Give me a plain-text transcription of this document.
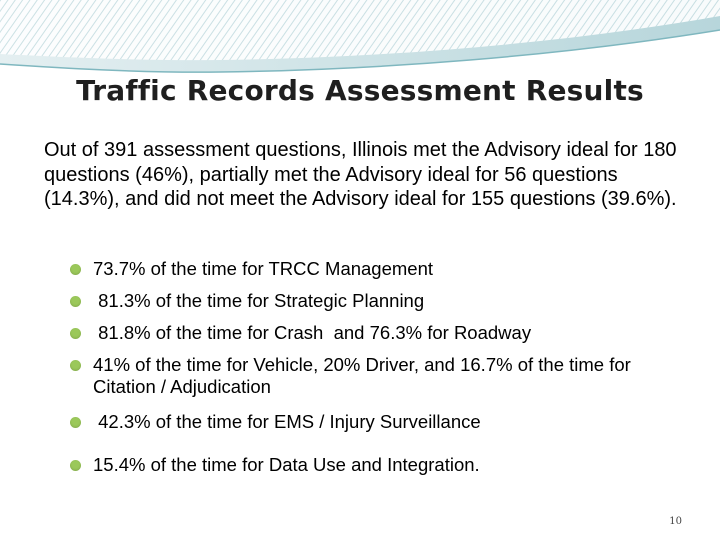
Traffic Records Assessment Results
Out of 391 assessment questions, Illinois met the Advisory ideal for 180 questions (46%), partially met the Advisory ideal for 56 questions (14.3%), and did not meet the Advisory ideal for 155 questions (39.6%).
73.7% of the time for TRCC Management
81.3% of the time for Strategic Planning
81.8% of the time for Crash  and 76.3% for Roadway
41% of the time for Vehicle, 20% Driver, and 16.7% of the time for Citation / Adjudication
42.3% of the time for EMS / Injury Surveillance
15.4% of the time for Data Use and Integration.
10
